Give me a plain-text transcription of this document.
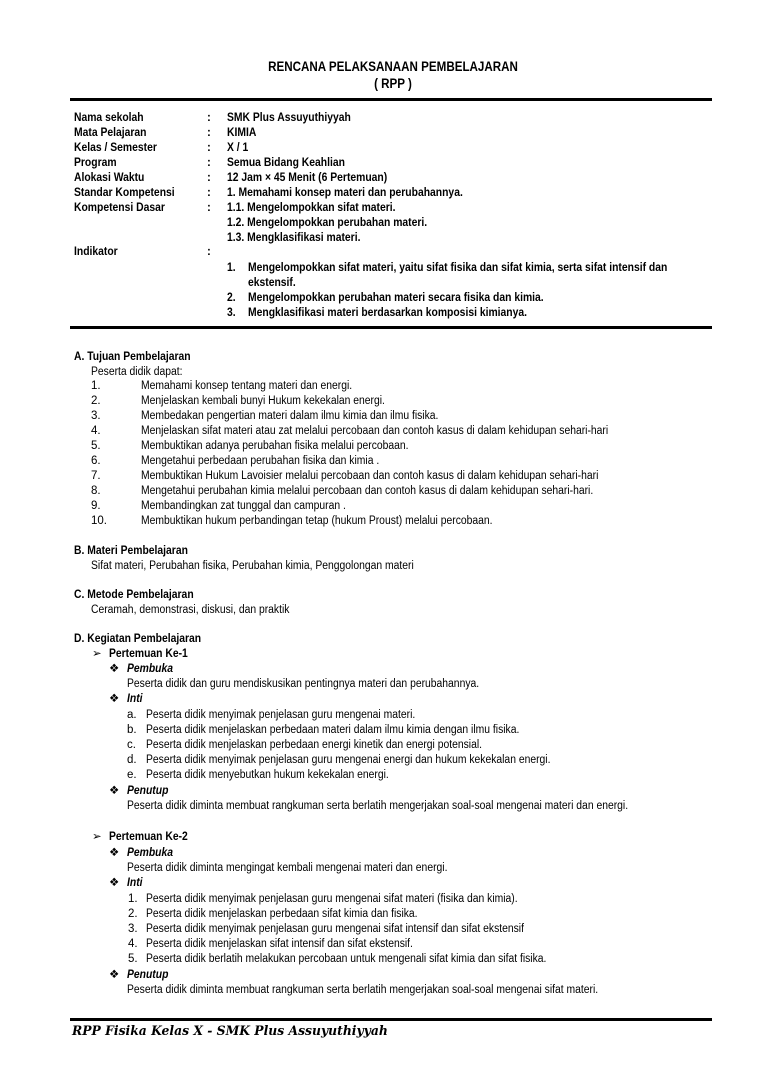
RENCANA PELAKSANAAN PEMBELAJARAN
( RPP )
Nama sekolah	: SMK Plus Assuyuthiyyah
Mata Pelajaran	: KIMIA
Kelas / Semester	: X / 1
Program	: Semua Bidang Keahlian
Alokasi Waktu	: 12 Jam × 45 Menit (6 Pertemuan)
Standar Kompetensi	: 1. Memahami konsep materi dan perubahannya.
Kompetensi Dasar	: 1.1. Mengelompokkan sifat materi.
1.2. Mengelompokkan perubahan materi.
1.3. Mengklasifikasi materi.
Indikator	:
1. Mengelompokkan sifat materi, yaitu sifat fisika dan sifat kimia, serta sifat intensif dan
ekstensif.
2. Mengelompokkan perubahan materi secara fisika dan kimia.
3. Mengklasifikasi materi berdasarkan komposisi kimianya.
A. Tujuan Pembelajaran
Peserta didik dapat:
1.	Memahami konsep tentang materi dan energi.
2.	Menjelaskan kembali bunyi Hukum kekekalan energi.
3.	Membedakan pengertian materi dalam ilmu kimia dan ilmu fisika.
4.	Menjelaskan sifat materi atau zat melalui percobaan dan contoh kasus di dalam kehidupan sehari-hari
5.	Membuktikan adanya perubahan fisika melalui percobaan.
6.	Mengetahui perbedaan perubahan fisika dan kimia .
7.	Membuktikan Hukum Lavoisier melalui percobaan dan contoh kasus di dalam kehidupan sehari-hari
8.	Mengetahui perubahan kimia melalui percobaan dan contoh kasus di dalam kehidupan sehari-hari.
9.	Membandingkan zat tunggal dan campuran .
10.	Membuktikan hukum perbandingan tetap (hukum Proust) melalui percobaan.
B. Materi Pembelajaran
Sifat materi, Perubahan fisika, Perubahan kimia, Penggolongan materi
C. Metode Pembelajaran
Ceramah, demonstrasi, diskusi, dan praktik
D. Kegiatan Pembelajaran
➢ Pertemuan Ke-1
❖ Pembuka
Peserta didik dan guru mendiskusikan pentingnya materi dan perubahannya.
❖ Inti
a. Peserta didik menyimak penjelasan guru mengenai materi.
b. Peserta didik menjelaskan perbedaan materi dalam ilmu kimia dengan ilmu fisika.
c. Peserta didik menjelaskan perbedaan energi kinetik dan energi potensial.
d. Peserta didik menyimak penjelasan guru mengenai energi dan hukum kekekalan energi.
e. Peserta didik menyebutkan hukum kekekalan energi.
❖ Penutup
Peserta didik diminta membuat rangkuman serta berlatih mengerjakan soal-soal mengenai materi dan energi.
➢ Pertemuan Ke-2
❖ Pembuka
Peserta didik diminta mengingat kembali mengenai materi dan energi.
❖ Inti
1. Peserta didik menyimak penjelasan guru mengenai sifat materi (fisika dan kimia).
2. Peserta didik menjelaskan perbedaan sifat kimia dan fisika.
3. Peserta didik menyimak penjelasan guru mengenai sifat intensif dan sifat ekstensif
4. Peserta didik menjelaskan sifat intensif dan sifat ekstensif.
5. Peserta didik berlatih melakukan percobaan untuk mengenali sifat kimia dan sifat fisika.
❖ Penutup
Peserta didik diminta membuat rangkuman serta berlatih mengerjakan soal-soal mengenai sifat materi.
RPP Fisika Kelas X - SMK Plus Assuyuthiyyah
